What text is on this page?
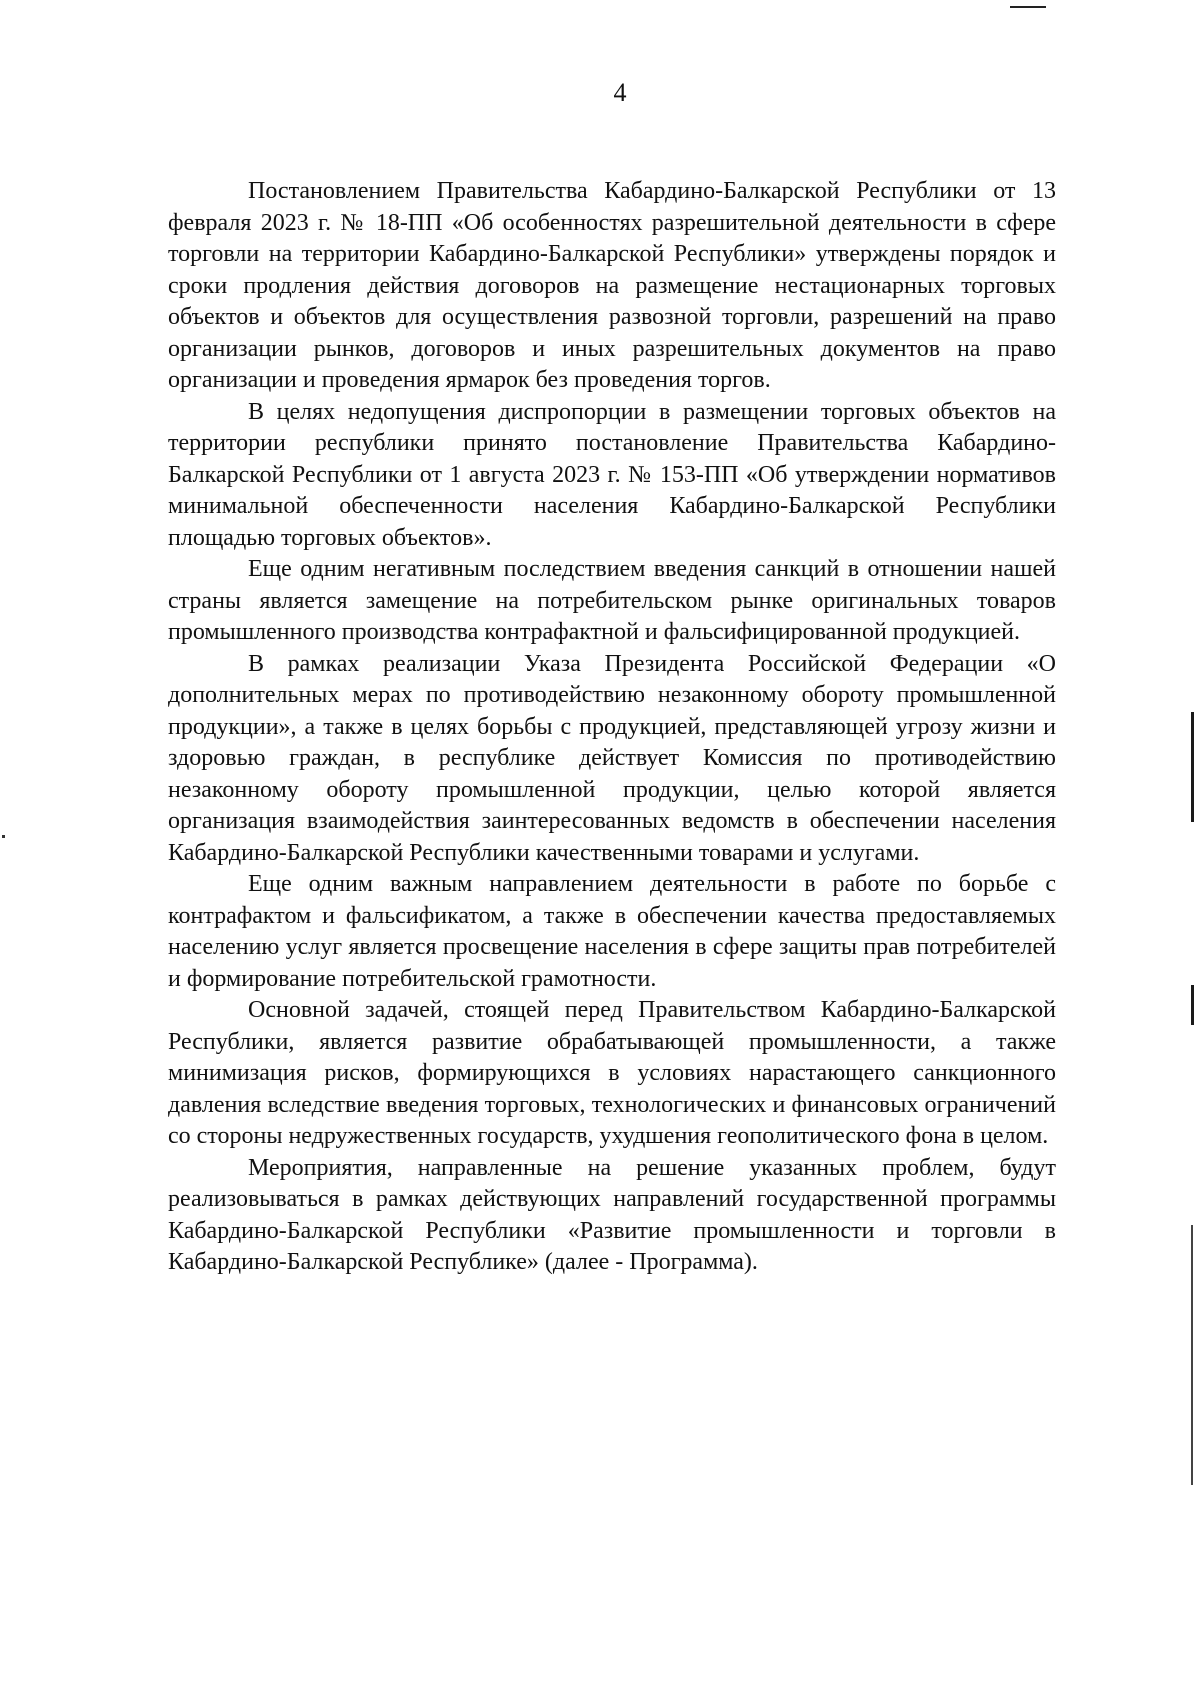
4

Постановлением Правительства Кабардино-Балкарской Республики от 13 февраля 2023 г. № 18-ПП «Об особенностях разрешительной деятельности в сфере торговли на территории Кабардино-Балкарской Республики» утверждены порядок и сроки продления действия договоров на размещение нестационарных торговых объектов и объектов для осуществления развозной торговли, разрешений на право организации рынков, договоров и иных разрешительных документов на право организации и проведения ярмарок без проведения торгов.

В целях недопущения диспропорции в размещении торговых объектов на территории республики принято постановление Правительства Кабардино-Балкарской Республики от 1 августа 2023 г. № 153-ПП «Об утверждении нормативов минимальной обеспеченности населения Кабардино-Балкарской Республики площадью торговых объектов».

Еще одним негативным последствием введения санкций в отношении нашей страны является замещение на потребительском рынке оригинальных товаров промышленного производства контрафактной и фальсифицированной продукцией.

В рамках реализации Указа Президента Российской Федерации «О дополнительных мерах по противодействию незаконному обороту промышленной продукции», а также в целях борьбы с продукцией, представляющей угрозу жизни и здоровью граждан, в республике действует Комиссия по противодействию незаконному обороту промышленной продукции, целью которой является организация взаимодействия заинтересованных ведомств в обеспечении населения Кабардино-Балкарской Республики качественными товарами и услугами.

Еще одним важным направлением деятельности в работе по борьбе с контрафактом и фальсификатом, а также в обеспечении качества предоставляемых населению услуг является просвещение населения в сфере защиты прав потребителей и формирование потребительской грамотности.

Основной задачей, стоящей перед Правительством Кабардино-Балкарской Республики, является развитие обрабатывающей промышленности, а также минимизация рисков, формирующихся в условиях нарастающего санкционного давления вследствие введения торговых, технологических и финансовых ограничений со стороны недружественных государств, ухудшения геополитического фона в целом.

Мероприятия, направленные на решение указанных проблем, будут реализовываться в рамках действующих направлений государственной программы Кабардино-Балкарской Республики «Развитие промышленности и торговли в Кабардино-Балкарской Республике» (далее - Программа).
